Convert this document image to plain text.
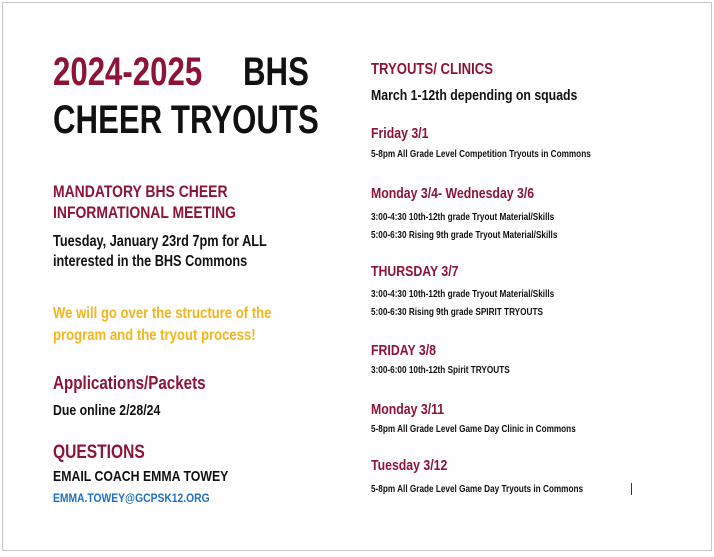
2024-2025	BHS
CHEER TRYOUTS
MANDATORY BHS CHEER
INFORMATIONAL MEETING
Tuesday, January 23rd 7pm for ALL
interested in the BHS Commons
We will go over the structure of the
program and the tryout process!
Applications/Packets
Due online 2/28/24
QUESTIONS
EMAIL COACH EMMA TOWEY
EMMA.TOWEY@GCPSK12.ORG
TRYOUTS/ CLINICS
March 1-12th depending on squads
Friday 3/1
5-8pm All Grade Level Competition Tryouts in Commons
Monday 3/4- Wednesday 3/6
3:00-4:30 10th-12th grade Tryout Material/Skills
5:00-6:30 Rising 9th grade Tryout Material/Skills
THURSDAY 3/7
3:00-4:30 10th-12th grade Tryout Material/Skills
5:00-6:30 Rising 9th grade SPIRIT TRYOUTS
FRIDAY 3/8
3:00-6:00 10th-12th Spirit TRYOUTS
Monday 3/11
5-8pm All Grade Level Game Day Clinic in Commons
Tuesday 3/12
5-8pm All Grade Level Game Day Tryouts in Commons
